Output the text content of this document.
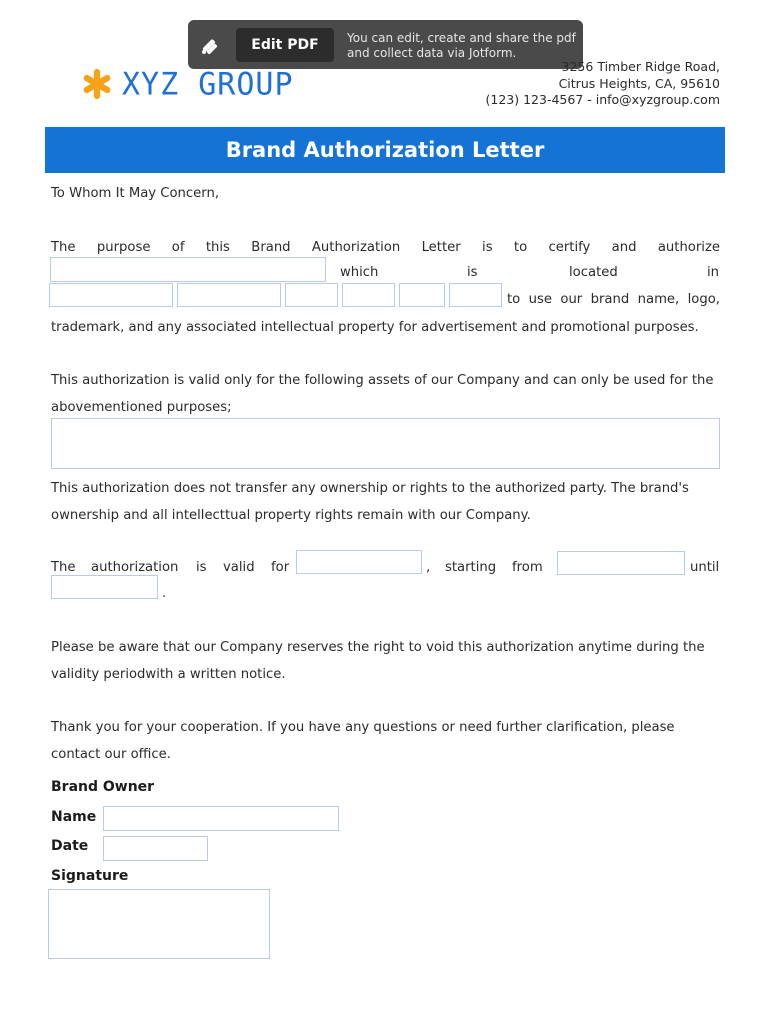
Edit PDF	You can edit, create and share the pdf
and collect data via Jotform.
XYZ GROUP	3256 Timber Ridge Road,
Citrus Heights, CA, 95610
(123) 123-4567 - info@xyzgroup.com
Brand Authorization Letter
To Whom It May Concern,
The purpose of this Brand Authorization Letter is to certify and authorize
which	is	located	in
to use our brand name, logo,
trademark, and any associated intellectual property for advertisement and promotional purposes.
This authorization is valid only for the following assets of our Company and can only be used for the
abovementioned purposes;
This authorization does not transfer any ownership or rights to the authorized party. The brand's
ownership and all intellecttual property rights remain with our Company.
The authorization is valid for	, starting from	until
.
Please be aware that our Company reserves the right to void this authorization anytime during the
validity periodwith a written notice.
Thank you for your cooperation. If you have any questions or need further clarification, please
contact our office.
Brand Owner
Name
Date
Signature
